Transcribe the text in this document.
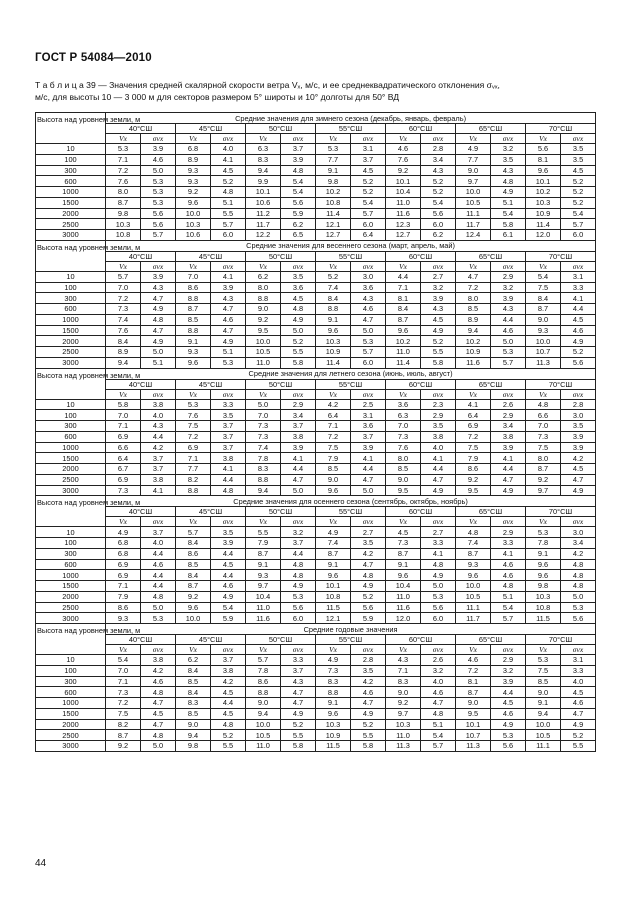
ГОСТ Р 54084—2010
Т а б л и ц а 39 — Значения средней скалярной скорости ветра Vₓ, м/с, и ее среднеквадратического отклонения σᵥₓ,
м/с, для высоты 10 — 3 000 м для секторов размером 5° широты и 10° долготы для 50° ВД
Высота над уровнем земли, м	Средние значения для зимнего сезона (декабрь, январь, февраль)													
	40°СШ		45°СШ		50°СШ		55°СШ		60°СШ		65°СШ		70°СШ	
	Vx	σvx	Vx	σvx	Vx	σvx	Vx	σvx	Vx	σvx	Vx	σvx	Vx	σvx
10	5.3	3.9	6.8	4.0	6.3	3.7	5.3	3.1	4.6	2.8	4.9	3.2	5.6	3.5
100	7.1	4.6	8.9	4.1	8.3	3.9	7.7	3.7	7.6	3.4	7.7	3.5	8.1	3.5
300	7.2	5.0	9.3	4.5	9.4	4.8	9.1	4.5	9.2	4.3	9.0	4.3	9.6	4.5
600	7.6	5.3	9.3	5.2	9.9	5.4	9.8	5.2	10.1	5.2	9.7	4.8	10.1	5.2
1000	8.0	5.3	9.2	4.8	10.1	5.4	10.2	5.2	10.4	5.2	10.0	4.9	10.2	5.2
1500	8.7	5.3	9.6	5.1	10.6	5.6	10.8	5.4	11.0	5.4	10.5	5.1	10.3	5.2
2000	9.8	5.6	10.0	5.5	11.2	5.9	11.4	5.7	11.6	5.6	11.1	5.4	10.9	5.4
2500	10.3	5.6	10.3	5.7	11.7	6.2	12.1	6.0	12.3	6.0	11.7	5.8	11.4	5.7
3000	10.8	5.7	10.6	6.0	12.2	6.5	12.7	6.4	12.7	6.2	12.4	6.1	12.0	6.0
Высота над уровнем земли, м	Средние значения для весеннего сезона (март, апрель, май)													
	40°СШ		45°СШ		50°СШ		55°СШ		60°СШ		65°СШ		70°СШ	
	Vx	σvx	Vx	σvx	Vx	σvx	Vx	σvx	Vx	σvx	Vx	σvx	Vx	σvx
10	5.7	3.9	7.0	4.1	6.2	3.5	5.2	3.0	4.4	2.7	4.7	2.9	5.4	3.1
100	7.0	4.3	8.6	3.9	8.0	3.6	7.4	3.6	7.1	3.2	7.2	3.2	7.5	3.3
300	7.2	4.7	8.8	4.3	8.8	4.5	8.4	4.3	8.1	3.9	8.0	3.9	8.4	4.1
600	7.3	4.9	8.7	4.7	9.0	4.8	8.8	4.6	8.4	4.3	8.5	4.3	8.7	4.4
1000	7.4	4.8	8.5	4.6	9.2	4.9	9.1	4.7	8.7	4.5	8.9	4.4	9.0	4.5
1500	7.6	4.7	8.8	4.7	9.5	5.0	9.6	5.0	9.6	4.9	9.4	4.6	9.3	4.6
2000	8.4	4.9	9.1	4.9	10.0	5.2	10.3	5.3	10.2	5.2	10.2	5.0	10.0	4.9
2500	8.9	5.0	9.3	5.1	10.5	5.5	10.9	5.7	11.0	5.5	10.9	5.3	10.7	5.2
3000	9.4	5.1	9.6	5.3	11.0	5.8	11.4	6.0	11.4	5.8	11.6	5.7	11.3	5.6
Высота над уровнем земли, м	Средние значения для летнего сезона (июнь, июль, август)													
	40°СШ		45°СШ		50°СШ		55°СШ		60°СШ		65°СШ		70°СШ	
	Vx	σvx	Vx	σvx	Vx	σvx	Vx	σvx	Vx	σvx	Vx	σvx	Vx	σvx
10	5.8	3.8	5.3	3.3	5.0	2.9	4.2	2.5	3.6	2.3	4.1	2.6	4.8	2.8
100	7.0	4.0	7.6	3.5	7.0	3.4	6.4	3.1	6.3	2.9	6.4	2.9	6.6	3.0
300	7.1	4.3	7.5	3.7	7.3	3.7	7.1	3.6	7.0	3.5	6.9	3.4	7.0	3.5
600	6.9	4.4	7.2	3.7	7.3	3.8	7.2	3.7	7.3	3.8	7.2	3.8	7.3	3.9
1000	6.6	4.2	6.9	3.7	7.4	3.9	7.5	3.9	7.6	4.0	7.5	3.9	7.5	3.9
1500	6.4	3.7	7.1	3.8	7.8	4.1	7.9	4.1	8.0	4.1	7.9	4.1	8.0	4.2
2000	6.7	3.7	7.7	4.1	8.3	4.4	8.5	4.4	8.5	4.4	8.6	4.4	8.7	4.5
2500	6.9	3.8	8.2	4.4	8.8	4.7	9.0	4.7	9.0	4.7	9.2	4.7	9.2	4.7
3000	7.3	4.1	8.8	4.8	9.4	5.0	9.6	5.0	9.5	4.9	9.5	4.9	9.7	4.9
Высота над уровнем земли, м	Средние значения для осеннего сезона (сентябрь, октябрь, ноябрь)													
	40°СШ		45°СШ		50°СШ		55°СШ		60°СШ		65°СШ		70°СШ	
	Vx	σvx	Vx	σvx	Vx	σvx	Vx	σvx	Vx	σvx	Vx	σvx	Vx	σvx
10	4.9	3.7	5.7	3.5	5.5	3.2	4.9	2.7	4.5	2.7	4.8	2.9	5.3	3.0
100	6.8	4.0	8.4	3.9	7.9	3.7	7.4	3.5	7.3	3.3	7.4	3.3	7.8	3.4
300	6.8	4.4	8.6	4.4	8.7	4.4	8.7	4.2	8.7	4.1	8.7	4.1	9.1	4.2
600	6.9	4.6	8.5	4.5	9.1	4.8	9.1	4.7	9.1	4.8	9.3	4.6	9.6	4.8
1000	6.9	4.4	8.4	4.4	9.3	4.8	9.6	4.8	9.6	4.9	9.6	4.6	9.6	4.8
1500	7.1	4.4	8.7	4.6	9.7	4.9	10.1	4.9	10.4	5.0	10.0	4.8	9.8	4.8
2000	7.9	4.8	9.2	4.9	10.4	5.3	10.8	5.2	11.0	5.3	10.5	5.1	10.3	5.0
2500	8.6	5.0	9.6	5.4	11.0	5.6	11.5	5.6	11.6	5.6	11.1	5.4	10.8	5.3
3000	9.3	5.3	10.0	5.9	11.6	6.0	12.1	5.9	12.0	6.0	11.7	5.7	11.5	5.6
Высота над уровнем земли, м	Средние годовые значения													
	40°СШ		45°СШ		50°СШ		55°СШ		60°СШ		65°СШ		70°СШ	
	Vx	σvx	Vx	σvx	Vx	σvx	Vx	σvx	Vx	σvx	Vx	σvx	Vx	σvx
10	5.4	3.8	6.2	3.7	5.7	3.3	4.9	2.8	4.3	2.6	4.6	2.9	5.3	3.1
100	7.0	4.2	8.4	3.8	7.8	3.7	7.3	3.5	7.1	3.2	7.2	3.2	7.5	3.3
300	7.1	4.6	8.5	4.2	8.6	4.3	8.3	4.2	8.3	4.0	8.1	3.9	8.5	4.0
600	7.3	4.8	8.4	4.5	8.8	4.7	8.8	4.6	9.0	4.6	8.7	4.4	9.0	4.5
1000	7.2	4.7	8.3	4.4	9.0	4.7	9.1	4.7	9.2	4.7	9.0	4.5	9.1	4.6
1500	7.5	4.5	8.5	4.5	9.4	4.9	9.6	4.9	9.7	4.8	9.5	4.6	9.4	4.7
2000	8.2	4.7	9.0	4.8	10.0	5.2	10.3	5.2	10.3	5.1	10.1	4.9	10.0	4.9
2500	8.7	4.8	9.4	5.2	10.5	5.5	10.9	5.5	11.0	5.4	10.7	5.3	10.5	5.2
3000	9.2	5.0	9.8	5.5	11.0	5.8	11.5	5.8	11.3	5.7	11.3	5.6	11.1	5.5
44
